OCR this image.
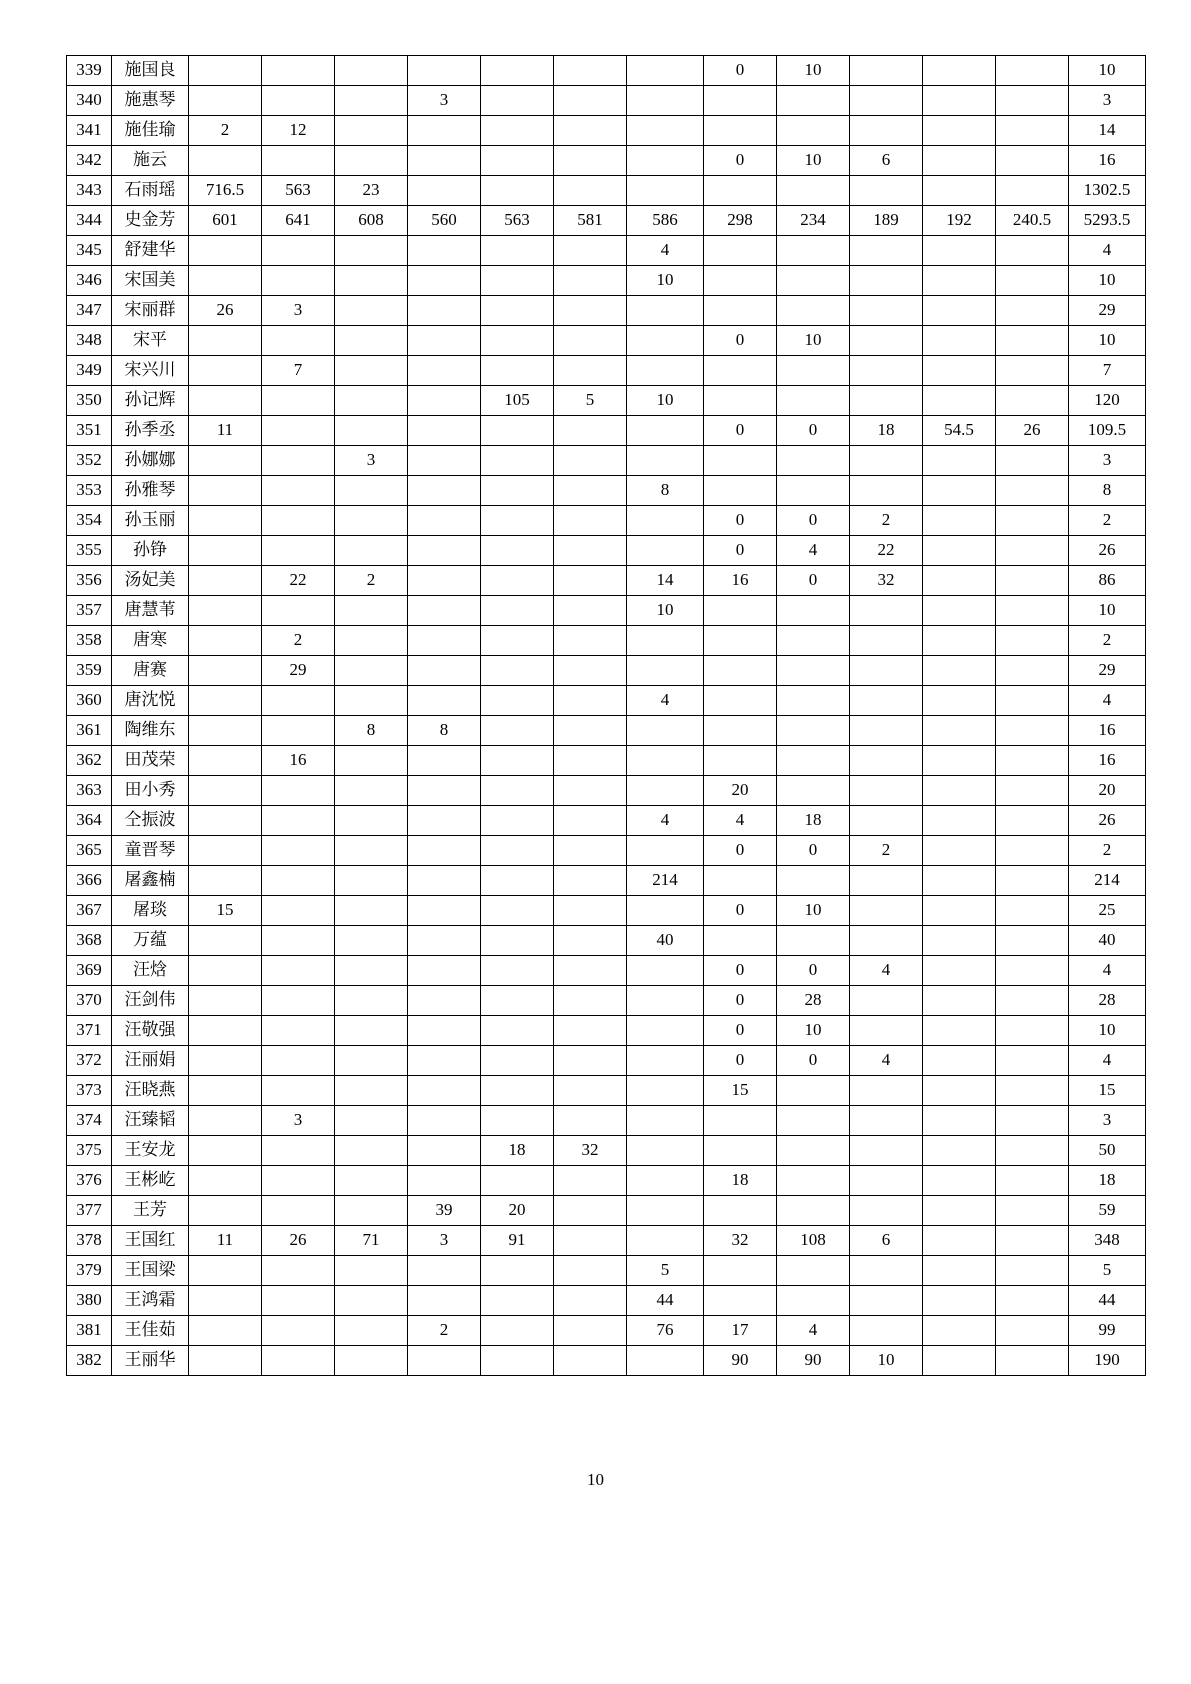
339	施国良								0	10				10
340	施惠琴				3									3
341	施佳瑜	2	12											14
342	施云								0	10	6			16
343	石雨瑶	716.5	563	23										1302.5
344	史金芳	601	641	608	560	563	581	586	298	234	189	192	240.5	5293.5
345	舒建华							4						4
346	宋国美							10						10
347	宋丽群	26	3											29
348	宋平								0	10				10
349	宋兴川		7											7
350	孙记辉					105	5	10						120
351	孙季丞	11							0	0	18	54.5	26	109.5
352	孙娜娜			3										3
353	孙雅琴							8						8
354	孙玉丽								0	0	2			2
355	孙铮								0	4	22			26
356	汤妃美		22	2				14	16	0	32			86
357	唐慧苇							10						10
358	唐寒		2											2
359	唐赛		29											29
360	唐沈悦							4						4
361	陶维东			8	8									16
362	田茂荣		16											16
363	田小秀								20					20
364	仝振波							4	4	18				26
365	童晋琴								0	0	2			2
366	屠鑫楠							214						214
367	屠琰	15							0	10				25
368	万蕴							40						40
369	汪焓								0	0	4			4
370	汪剑伟								0	28				28
371	汪敬强								0	10				10
372	汪丽娟								0	0	4			4
373	汪晓燕								15					15
374	汪臻韬		3											3
375	王安龙					18	32							50
376	王彬屹								18					18
377	王芳				39	20								59
378	王国红	11	26	71	3	91			32	108	6			348
379	王国梁							5						5
380	王鸿霜							44						44
381	王佳茹				2			76	17	4				99
382	王丽华								90	90	10			190
10
